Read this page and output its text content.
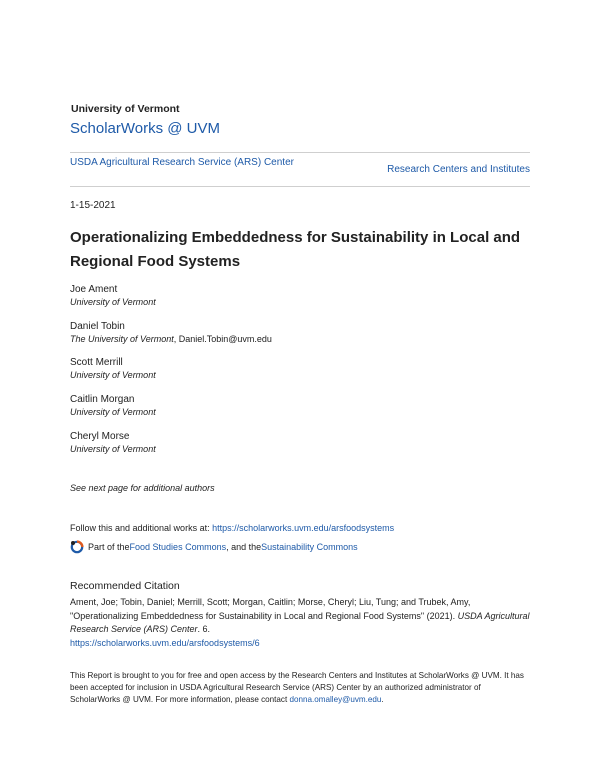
University of Vermont
ScholarWorks @ UVM
USDA Agricultural Research Service (ARS) Center
Research Centers and Institutes
1-15-2021
Operationalizing Embeddedness for Sustainability in Local and Regional Food Systems
Joe Ament
University of Vermont
Daniel Tobin
The University of Vermont, Daniel.Tobin@uvm.edu
Scott Merrill
University of Vermont
Caitlin Morgan
University of Vermont
Cheryl Morse
University of Vermont
See next page for additional authors
Follow this and additional works at: https://scholarworks.uvm.edu/arsfoodsystems
Part of the Food Studies Commons , and the Sustainability Commons
Recommended Citation
Ament, Joe; Tobin, Daniel; Merrill, Scott; Morgan, Caitlin; Morse, Cheryl; Liu, Tung; and Trubek, Amy, "Operationalizing Embeddedness for Sustainability in Local and Regional Food Systems" (2021). USDA Agricultural Research Service (ARS) Center. 6.
https://scholarworks.uvm.edu/arsfoodsystems/6
This Report is brought to you for free and open access by the Research Centers and Institutes at ScholarWorks @ UVM. It has been accepted for inclusion in USDA Agricultural Research Service (ARS) Center by an authorized administrator of ScholarWorks @ UVM. For more information, please contact donna.omalley@uvm.edu.
